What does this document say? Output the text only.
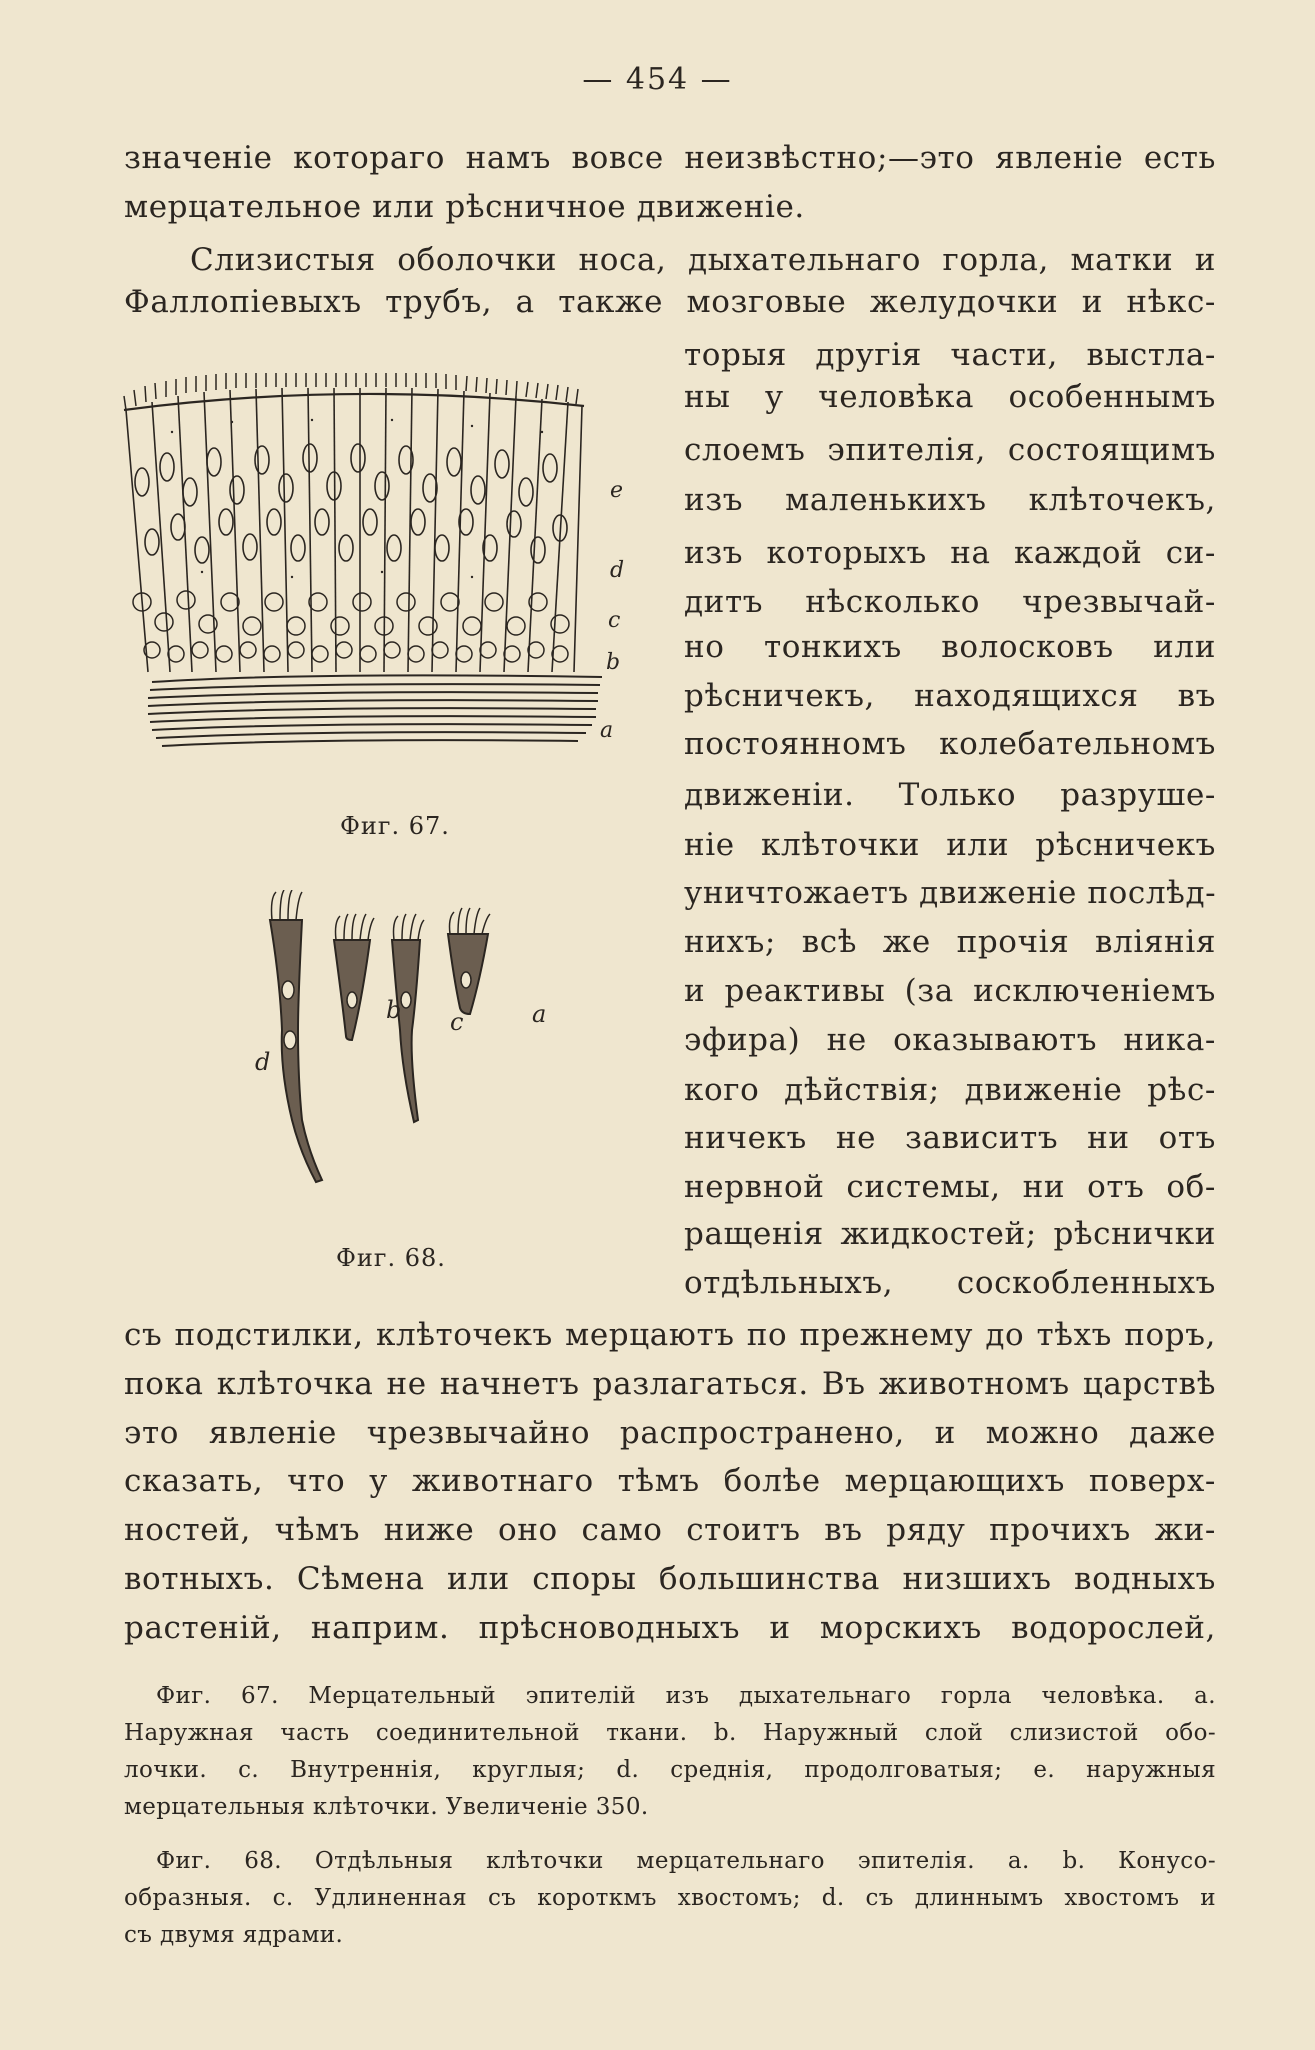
— 454 —
значеніе котораго намъ вовсе неизвѣстно;—это явленіе есть
мерцательное или рѣсничное движеніе.
Слизистыя оболочки носа, дыхательнаго горла, матки и
Фаллопіевыхъ трубъ, а также мозговые желудочки и нѣкс-
торыя другія части, выстла-
ны у человѣка особеннымъ
слоемъ эпителія, состоящимъ
изъ маленькихъ клѣточекъ,
изъ которыхъ на каждой си-
дитъ нѣсколько чрезвычай-
но тонкихъ волосковъ или
рѣсничекъ, находящихся въ
постоянномъ колебательномъ
движеніи. Только разруше-
ніе клѣточки или рѣсничекъ
уничтожаетъ движеніе послѣд-
нихъ; всѣ же прочія вліянія
и реактивы (за исключеніемъ
эфира) не оказываютъ ника-
кого дѣйствія; движеніе рѣс-
ничекъ не зависитъ ни отъ
нервной системы, ни отъ об-
ращенія жидкостей; рѣснички
отдѣльныхъ, соскобленныхъ
съ подстилки, клѣточекъ мерцаютъ по прежнему до тѣхъ поръ,
пока клѣточка не начнетъ разлагаться. Въ животномъ царствѣ
это явленіе чрезвычайно распространено, и можно даже
сказать, что у животнаго тѣмъ болѣе мерцающихъ поверх-
ностей, чѣмъ ниже оно само стоитъ въ ряду прочихъ жи-
вотныхъ. Сѣмена или споры большинства низшихъ водныхъ
растеній, наприм. прѣсноводныхъ и морскихъ водорослей,
e
d
c
b
a
Фиг. 67.
d
b c	a
Фиг. 68.
Фиг. 67. Мерцательный эпителій изъ дыхательнаго горла человѣка. a.
Наружная часть соединительной ткани. b. Наружный слой слизистой обо-
лочки. c. Внутреннія, круглыя; d. среднія, продолговатыя; e. наружныя
мерцательныя клѣточки. Увеличеніе 350.
Фиг. 68. Отдѣльныя клѣточки мерцательнаго эпителія. a. b. Конусо-
образныя. c. Удлиненная съ короткмъ хвостомъ; d. съ длиннымъ хвостомъ и
съ двумя ядрами.
